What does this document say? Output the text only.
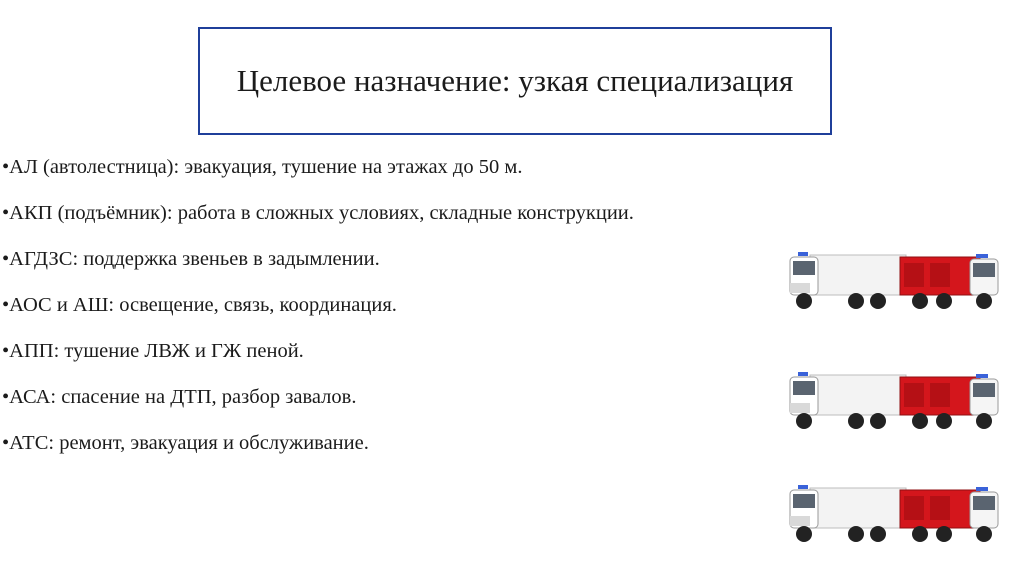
Целевое назначение: узкая специализация
•АЛ (автолестница): эвакуация, тушение на этажах до 50 м.
•АКП (подъёмник): работа в сложных условиях, складные конструкции.
•АГДЗС: поддержка звеньев в задымлении.
•АОС и АШ: освещение, связь, координация.
•АПП: тушение ЛВЖ и ГЖ пеной.
•АСА: спасение на ДТП, разбор завалов.
•АТС: ремонт, эвакуация и обслуживание.
